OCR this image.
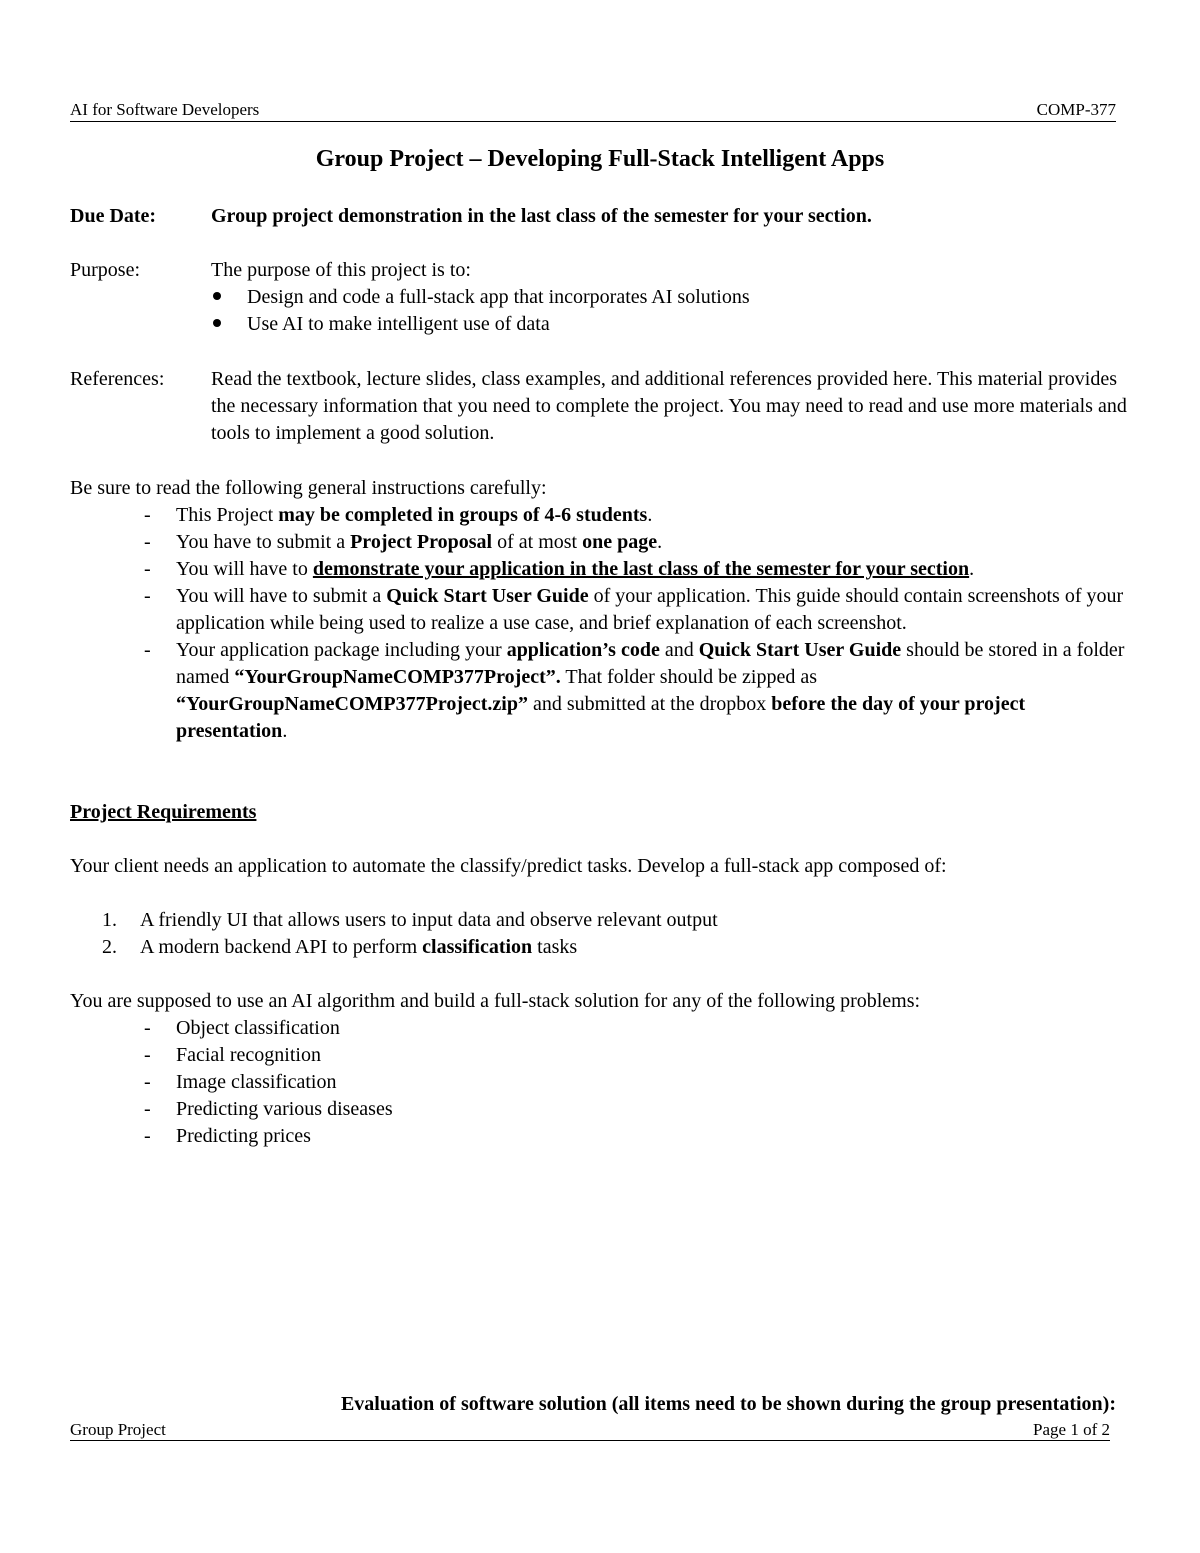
AI for Software Developers	COMP-377
Group Project – Developing Full-Stack Intelligent Apps
Due Date:	Group project demonstration in the last class of the semester for your section.
Purpose:	The purpose of this project is to:
Design and code a full-stack app that incorporates AI solutions
Use AI to make intelligent use of data
References: Read the textbook, lecture slides, class examples, and additional references provided here. This material provides the necessary information that you need to complete the project. You may need to read and use more materials and tools to implement a good solution.
Be sure to read the following general instructions carefully:
-	This Project may be completed in groups of 4-6 students.
-	You have to submit a Project Proposal of at most one page.
-	You will have to demonstrate your application in the last class of the semester for your section.
-	You will have to submit a Quick Start User Guide of your application. This guide should contain screenshots of your application while being used to realize a use case, and brief explanation of each screenshot.
-	Your application package including your application’s code and Quick Start User Guide should be stored in a folder named “YourGroupNameCOMP377Project”. That folder should be zipped as “YourGroupNameCOMP377Project.zip” and submitted at the dropbox before the day of your project presentation.
Project Requirements
Your client needs an application to automate the classify/predict tasks. Develop a full-stack app composed of:
1.	A friendly UI that allows users to input data and observe relevant output
2.	A modern backend API to perform classification tasks
You are supposed to use an AI algorithm and build a full-stack solution for any of the following problems:
-	Object classification
-	Facial recognition
-	Image classification
-	Predicting various diseases
-	Predicting prices
Evaluation of software solution (all items need to be shown during the group presentation):
Group Project	Page 1 of 2
